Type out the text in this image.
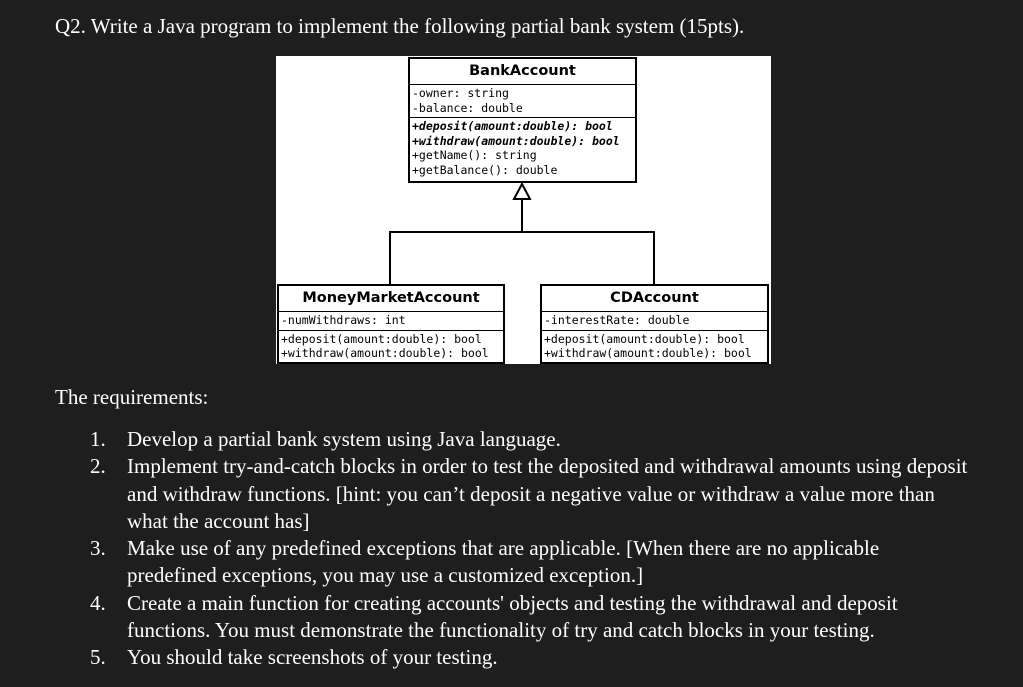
Q2. Write a Java program to implement the following partial bank system (15pts).
BankAccount
-owner: string
-balance: double
+deposit(amount:double): bool
+withdraw(amount:double): bool
+getName(): string
+getBalance(): double
MoneyMarketAccount
-numWithdraws: int
+deposit(amount:double): bool
+withdraw(amount:double): bool
CDAccount
-interestRate: double
+deposit(amount:double): bool
+withdraw(amount:double): bool
The requirements:
1. Develop a partial bank system using Java language.
2. Implement try-and-catch blocks in order to test the deposited and withdrawal amounts using deposit and withdraw functions. [hint: you can’t deposit a negative value or withdraw a value more than what the account has]
3. Make use of any predefined exceptions that are applicable. [When there are no applicable predefined exceptions, you may use a customized exception.]
4. Create a main function for creating accounts' objects and testing the withdrawal and deposit functions. You must demonstrate the functionality of try and catch blocks in your testing.
5. You should take screenshots of your testing.
